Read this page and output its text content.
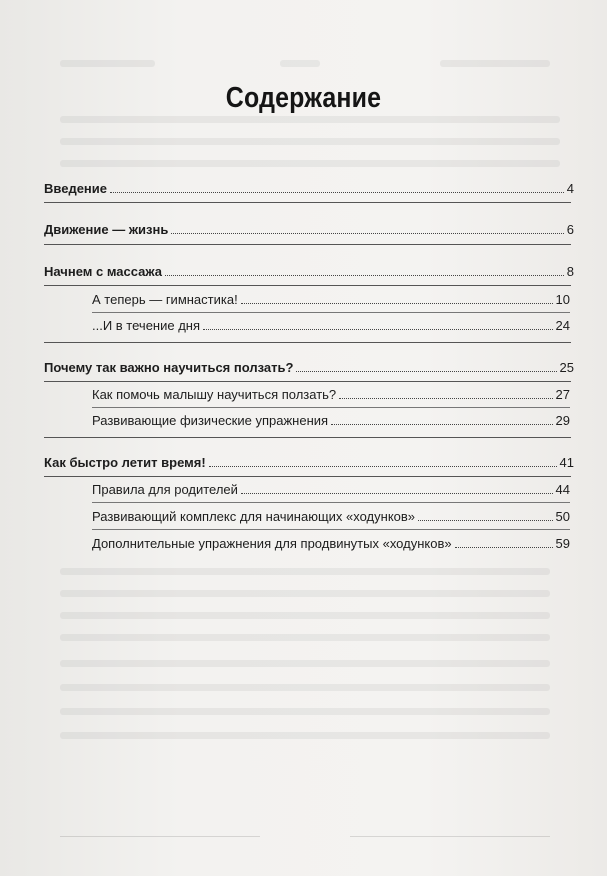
Содержание
Введение	4
Движение — жизнь	6
Начнем с массажа	8
А теперь — гимнастика!	10
...И в течение дня	24
Почему так важно научиться ползать?	25
Как помочь малышу научиться ползать?	27
Развивающие физические упражнения	29
Как быстро летит время!	41
Правила для родителей	44
Развивающий комплекс для начинающих «ходунков»	50
Дополнительные упражнения для продвинутых «ходунков»	59
